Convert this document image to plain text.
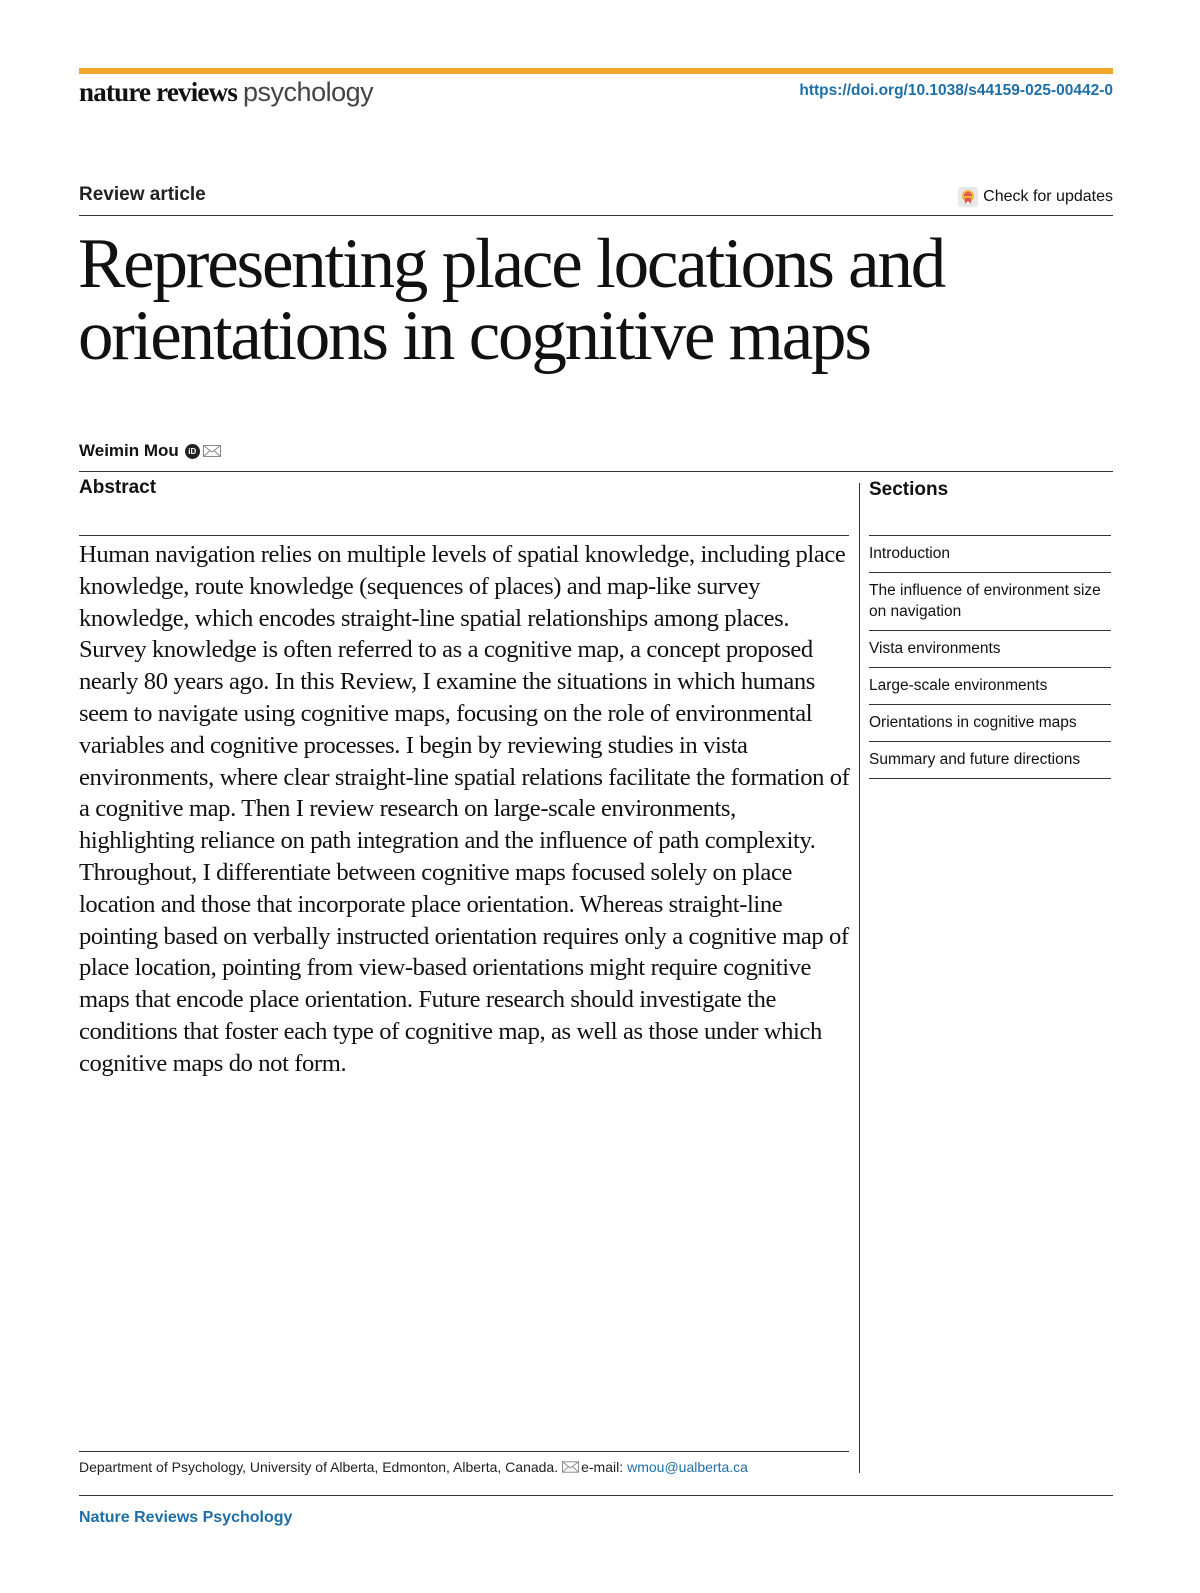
nature reviews psychology	https://doi.org/10.1038/s44159-025-00442-0
Review article	Check for updates
Representing place locations and orientations in cognitive maps
Weimin Mou	iD
Abstract

Human navigation relies on multiple levels of spatial knowledge, including place knowledge, route knowledge (sequences of places) and map-like survey knowledge, which encodes straight-line spatial relationships among places. Survey knowledge is often referred to as a cognitive map, a concept proposed nearly 80 years ago. In this Review, I examine the situations in which humans seem to navigate using cognitive maps, focusing on the role of environmental variables and cognitive processes. I begin by reviewing studies in vista environments, where clear straight-line spatial relations facilitate the formation of a cognitive map. Then I review research on large-scale environments, highlighting reliance on path integration and the influence of path complexity. Throughout, I differentiate between cognitive maps focused solely on place location and those that incorporate place orientation. Whereas straight-line pointing based on verbally instructed orientation requires only a cognitive map of place location, pointing from view-based orientations might require cognitive maps that encode place orientation. Future research should investigate the conditions that foster each type of cognitive map, as well as those under which cognitive maps do not form.

Sections
Introduction
The influence of environment size on navigation
Vista environments
Large-scale environments
Orientations in cognitive maps
Summary and future directions
Department of Psychology, University of Alberta, Edmonton, Alberta, Canada. e-mail: wmou@ualberta.ca
Nature Reviews Psychology
